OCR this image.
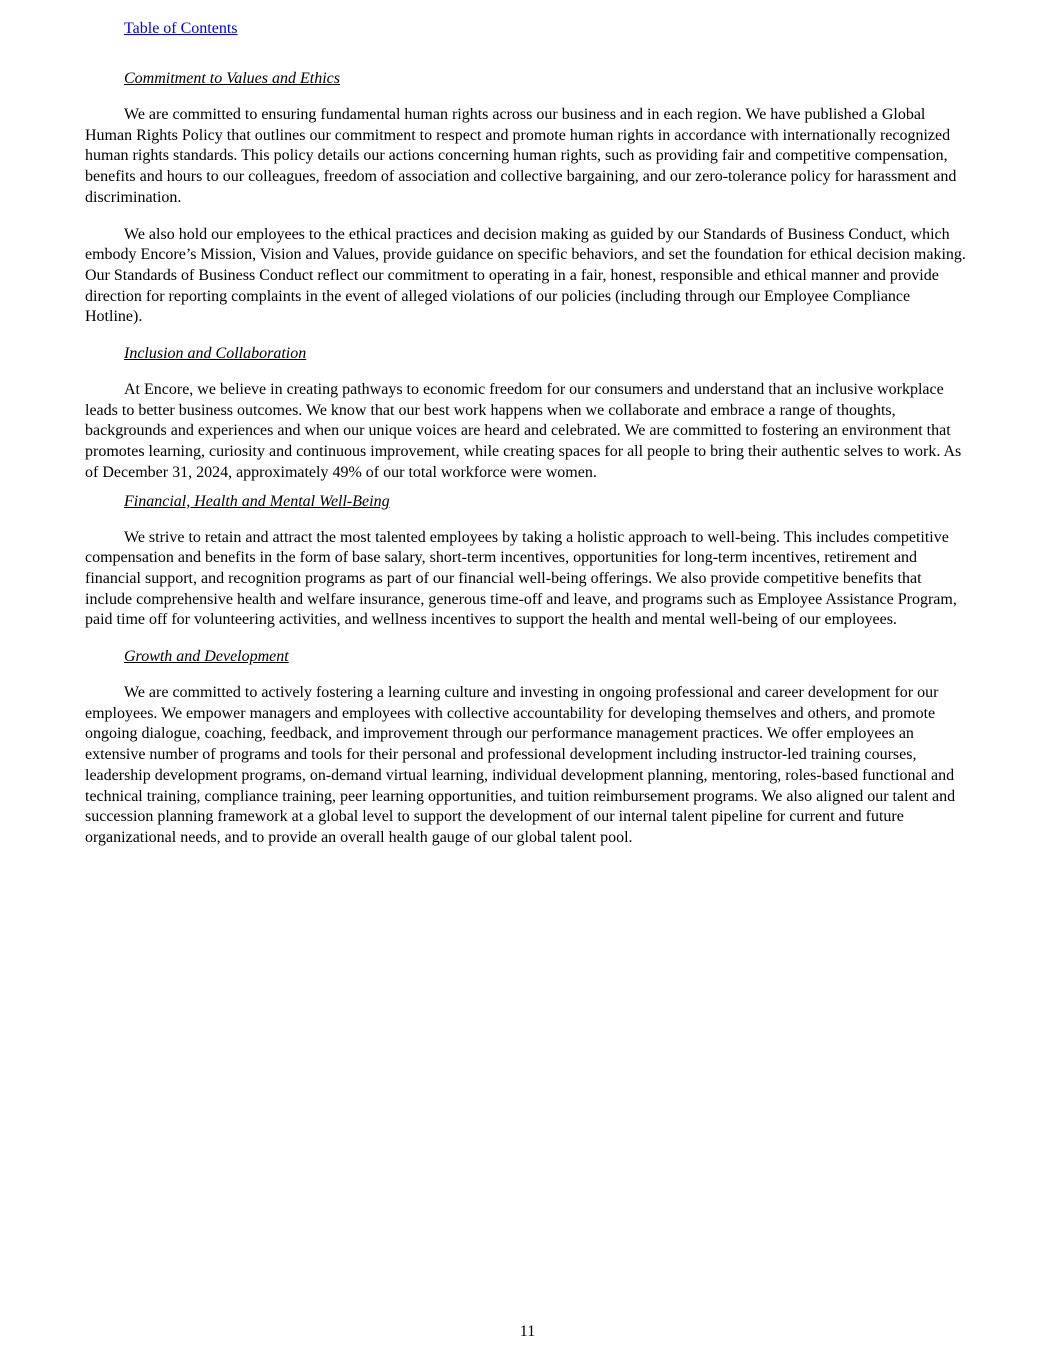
Table of Contents
Commitment to Values and Ethics

We are committed to ensuring fundamental human rights across our business and in each region. We have published a Global Human Rights Policy that outlines our commitment to respect and promote human rights in accordance with internationally recognized human rights standards. This policy details our actions concerning human rights, such as providing fair and competitive compensation, benefits and hours to our colleagues, freedom of association and collective bargaining, and our zero-tolerance policy for harassment and discrimination.

We also hold our employees to the ethical practices and decision making as guided by our Standards of Business Conduct, which embody Encore’s Mission, Vision and Values, provide guidance on specific behaviors, and set the foundation for ethical decision making. Our Standards of Business Conduct reflect our commitment to operating in a fair, honest, responsible and ethical manner and provide direction for reporting complaints in the event of alleged violations of our policies (including through our Employee Compliance Hotline).

Inclusion and Collaboration

At Encore, we believe in creating pathways to economic freedom for our consumers and understand that an inclusive workplace leads to better business outcomes. We know that our best work happens when we collaborate and embrace a range of thoughts, backgrounds and experiences and when our unique voices are heard and celebrated. We are committed to fostering an environment that promotes learning, curiosity and continuous improvement, while creating spaces for all people to bring their authentic selves to work. As of December 31, 2024, approximately 49% of our total workforce were women.

Financial, Health and Mental Well-Being

We strive to retain and attract the most talented employees by taking a holistic approach to well-being. This includes competitive compensation and benefits in the form of base salary, short-term incentives, opportunities for long-term incentives, retirement and financial support, and recognition programs as part of our financial well-being offerings. We also provide competitive benefits that include comprehensive health and welfare insurance, generous time-off and leave, and programs such as Employee Assistance Program, paid time off for volunteering activities, and wellness incentives to support the health and mental well-being of our employees.

Growth and Development

We are committed to actively fostering a learning culture and investing in ongoing professional and career development for our employees. We empower managers and employees with collective accountability for developing themselves and others, and promote ongoing dialogue, coaching, feedback, and improvement through our performance management practices. We offer employees an extensive number of programs and tools for their personal and professional development including instructor-led training courses, leadership development programs, on-demand virtual learning, individual development planning, mentoring, roles-based functional and technical training, compliance training, peer learning opportunities, and tuition reimbursement programs. We also aligned our talent and succession planning framework at a global level to support the development of our internal talent pipeline for current and future organizational needs, and to provide an overall health gauge of our global talent pool.

11
